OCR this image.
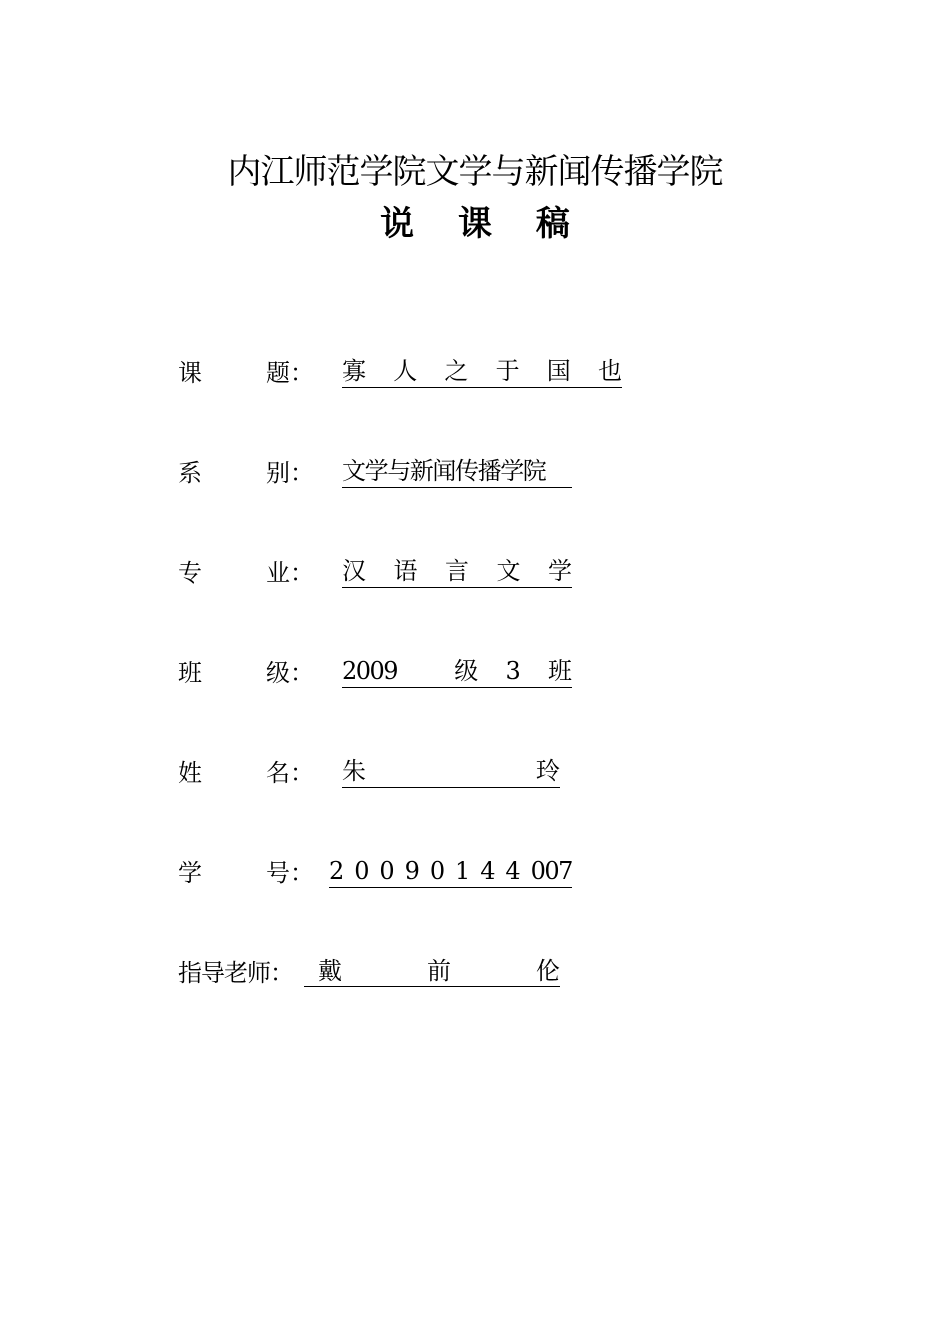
内江师范学院文学与新闻传播学院
说 课 稿
课	题： 寡 人 之 于 国 也
系	别： 文学与新闻传播学院
专	业： 汉 语 言 文 学
班	级： 2009 级 3 班
姓	名： 朱	玲
学	号： 2 0 0 9 0 1 4 4 007
指导老师： 戴	前	伦
